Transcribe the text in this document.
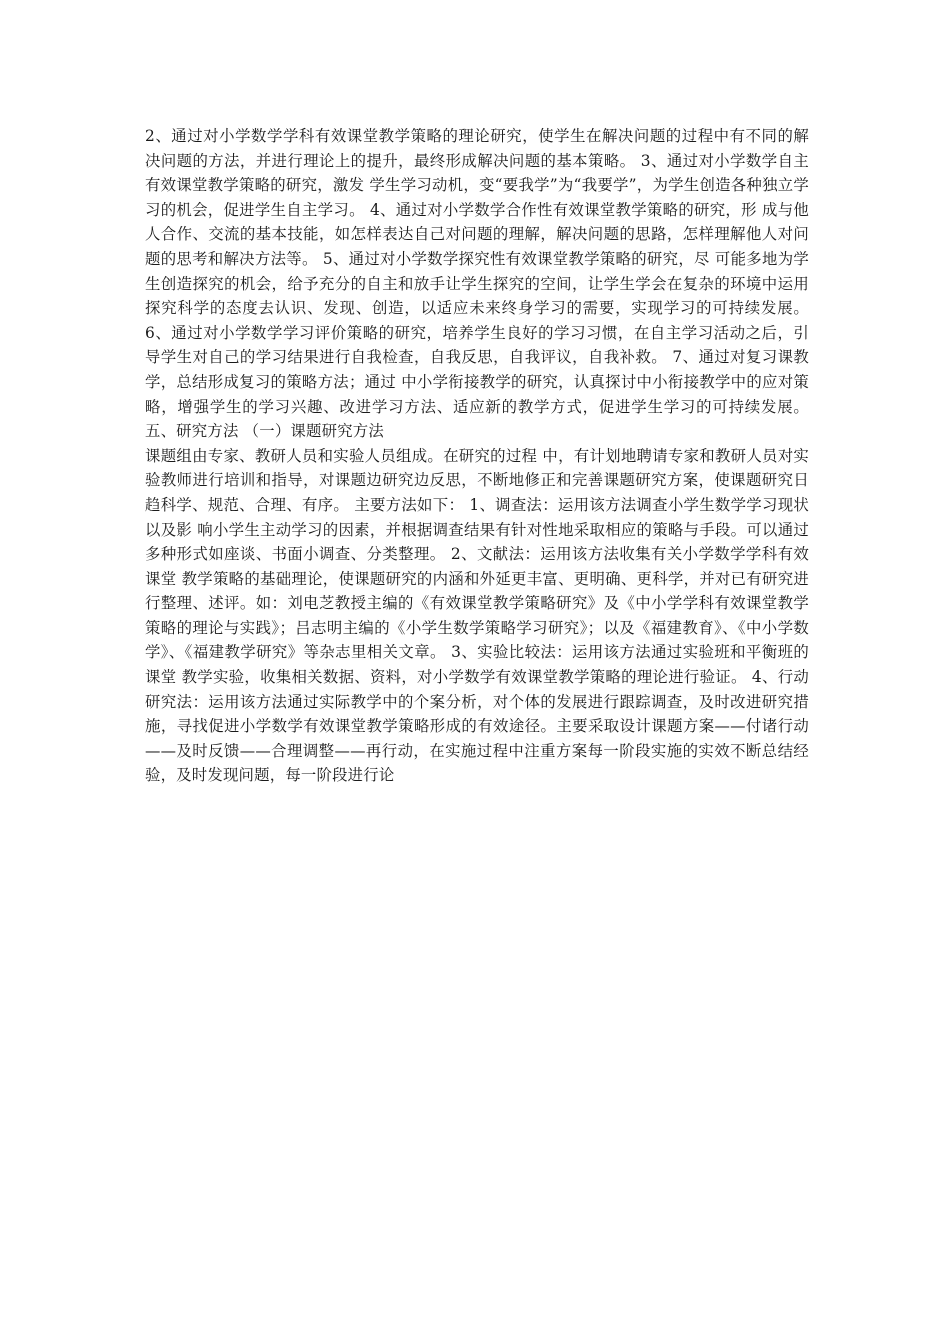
2、通过对小学数学学科有效课堂教学策略的理论研究，使学生在解决问题的过程中有不同的解决问题的方法，并进行理论上的提升，最终形成解决问题的基本策略。 3、通过对小学数学自主有效课堂教学策略的研究，激发 学生学习动机，变“要我学”为“我要学”，为学生创造各种独立学习的机会，促进学生自主学习。 4、通过对小学数学合作性有效课堂教学策略的研究，形 成与他人合作、交流的基本技能，如怎样表达自己对问题的理解，解决问题的思路，怎样理解他人对问题的思考和解决方法等。 5、通过对小学数学探究性有效课堂教学策略的研究，尽 可能多地为学生创造探究的机会，给予充分的自主和放手让学生探究的空间，让学生学会在复杂的环境中运用探究科学的态度去认识、发现、创造，以适应未来终身学习的需要，实现学习的可持续发展。 6、通过对小学数学学习评价策略的研究，培养学生良好的学习习惯，在自主学习活动之后，引导学生对自己的学习结果进行自我检查，自我反思，自我评议，自我补救。 7、通过对复习课教学，总结形成复习的策略方法；通过 中小学衔接教学的研究，认真探讨中小衔接教学中的应对策略，增强学生的学习兴趣、改进学习方法、适应新的教学方式，促进学生学习的可持续发展。 五、研究方法 （一）课题研究方法

课题组由专家、教研人员和实验人员组成。在研究的过程 中，有计划地聘请专家和教研人员对实验教师进行培训和指导，对课题边研究边反思，不断地修正和完善课题研究方案，使课题研究日趋科学、规范、合理、有序。 主要方法如下： 1、调查法：运用该方法调查小学生数学学习现状以及影 响小学生主动学习的因素，并根据调查结果有针对性地采取相应的策略与手段。可以通过多种形式如座谈、书面小调查、分类整理。 2、文献法：运用该方法收集有关小学数学学科有效课堂 教学策略的基础理论，使课题研究的内涵和外延更丰富、更明确、更科学，并对已有研究进行整理、述评。如：刘电芝教授主编的《有效课堂教学策略研究》及《中小学学科有效课堂教学策略的理论与实践》；吕志明主编的《小学生数学策略学习研究》；以及《福建教育》、《中小学数学》、《福建教学研究》等杂志里相关文章。 3、实验比较法：运用该方法通过实验班和平衡班的课堂 教学实验，收集相关数据、资料，对小学数学有效课堂教学策略的理论进行验证。 4、行动研究法：运用该方法通过实际教学中的个案分析，对个体的发展进行跟踪调查，及时改进研究措施，寻找促进小学数学有效课堂教学策略形成的有效途径。主要采取设计课题方案——付诸行动——及时反馈——合理调整——再行动，在实施过程中注重方案每一阶段实施的实效不断总结经验，及时发现问题，每一阶段进行论
